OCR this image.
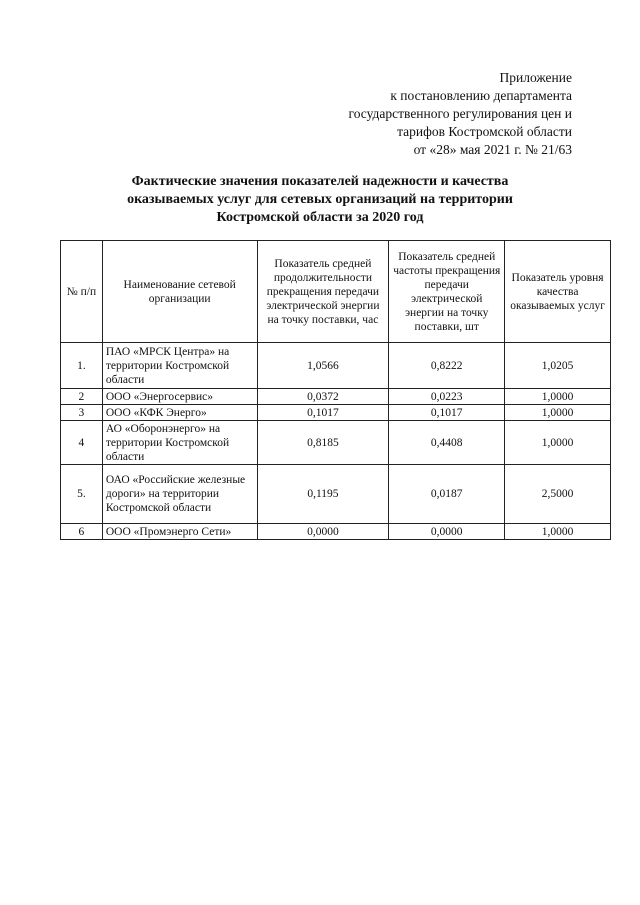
Приложение
к постановлению департамента
государственного регулирования цен и
тарифов Костромской области
от «28» мая 2021 г. № 21/63
Фактические значения показателей надежности и качества
оказываемых услуг для сетевых организаций на территории
Костромской области за 2020 год
№ п/п	Наименование сетевой организации	Показатель средней продолжительности прекращения передачи электрической энергии на точку поставки, час	Показатель средней частоты прекращения передачи электрической энергии на точку поставки, шт	Показатель уровня качества оказываемых услуг
1.	ПАО «МРСК Центра» на территории Костромской области	1,0566	0,8222	1,0205
2	ООО «Энергосервис»	0,0372	0,0223	1,0000
3	ООО «КФК Энерго»	0,1017	0,1017	1,0000
4	АО «Оборонэнерго» на территории Костромской области	0,8185	0,4408	1,0000
5.	ОАО «Российские железные дороги» на территории Костромской области	0,1195	0,0187	2,5000
6	ООО «Промэнерго Сети»	0,0000	0,0000	1,0000
